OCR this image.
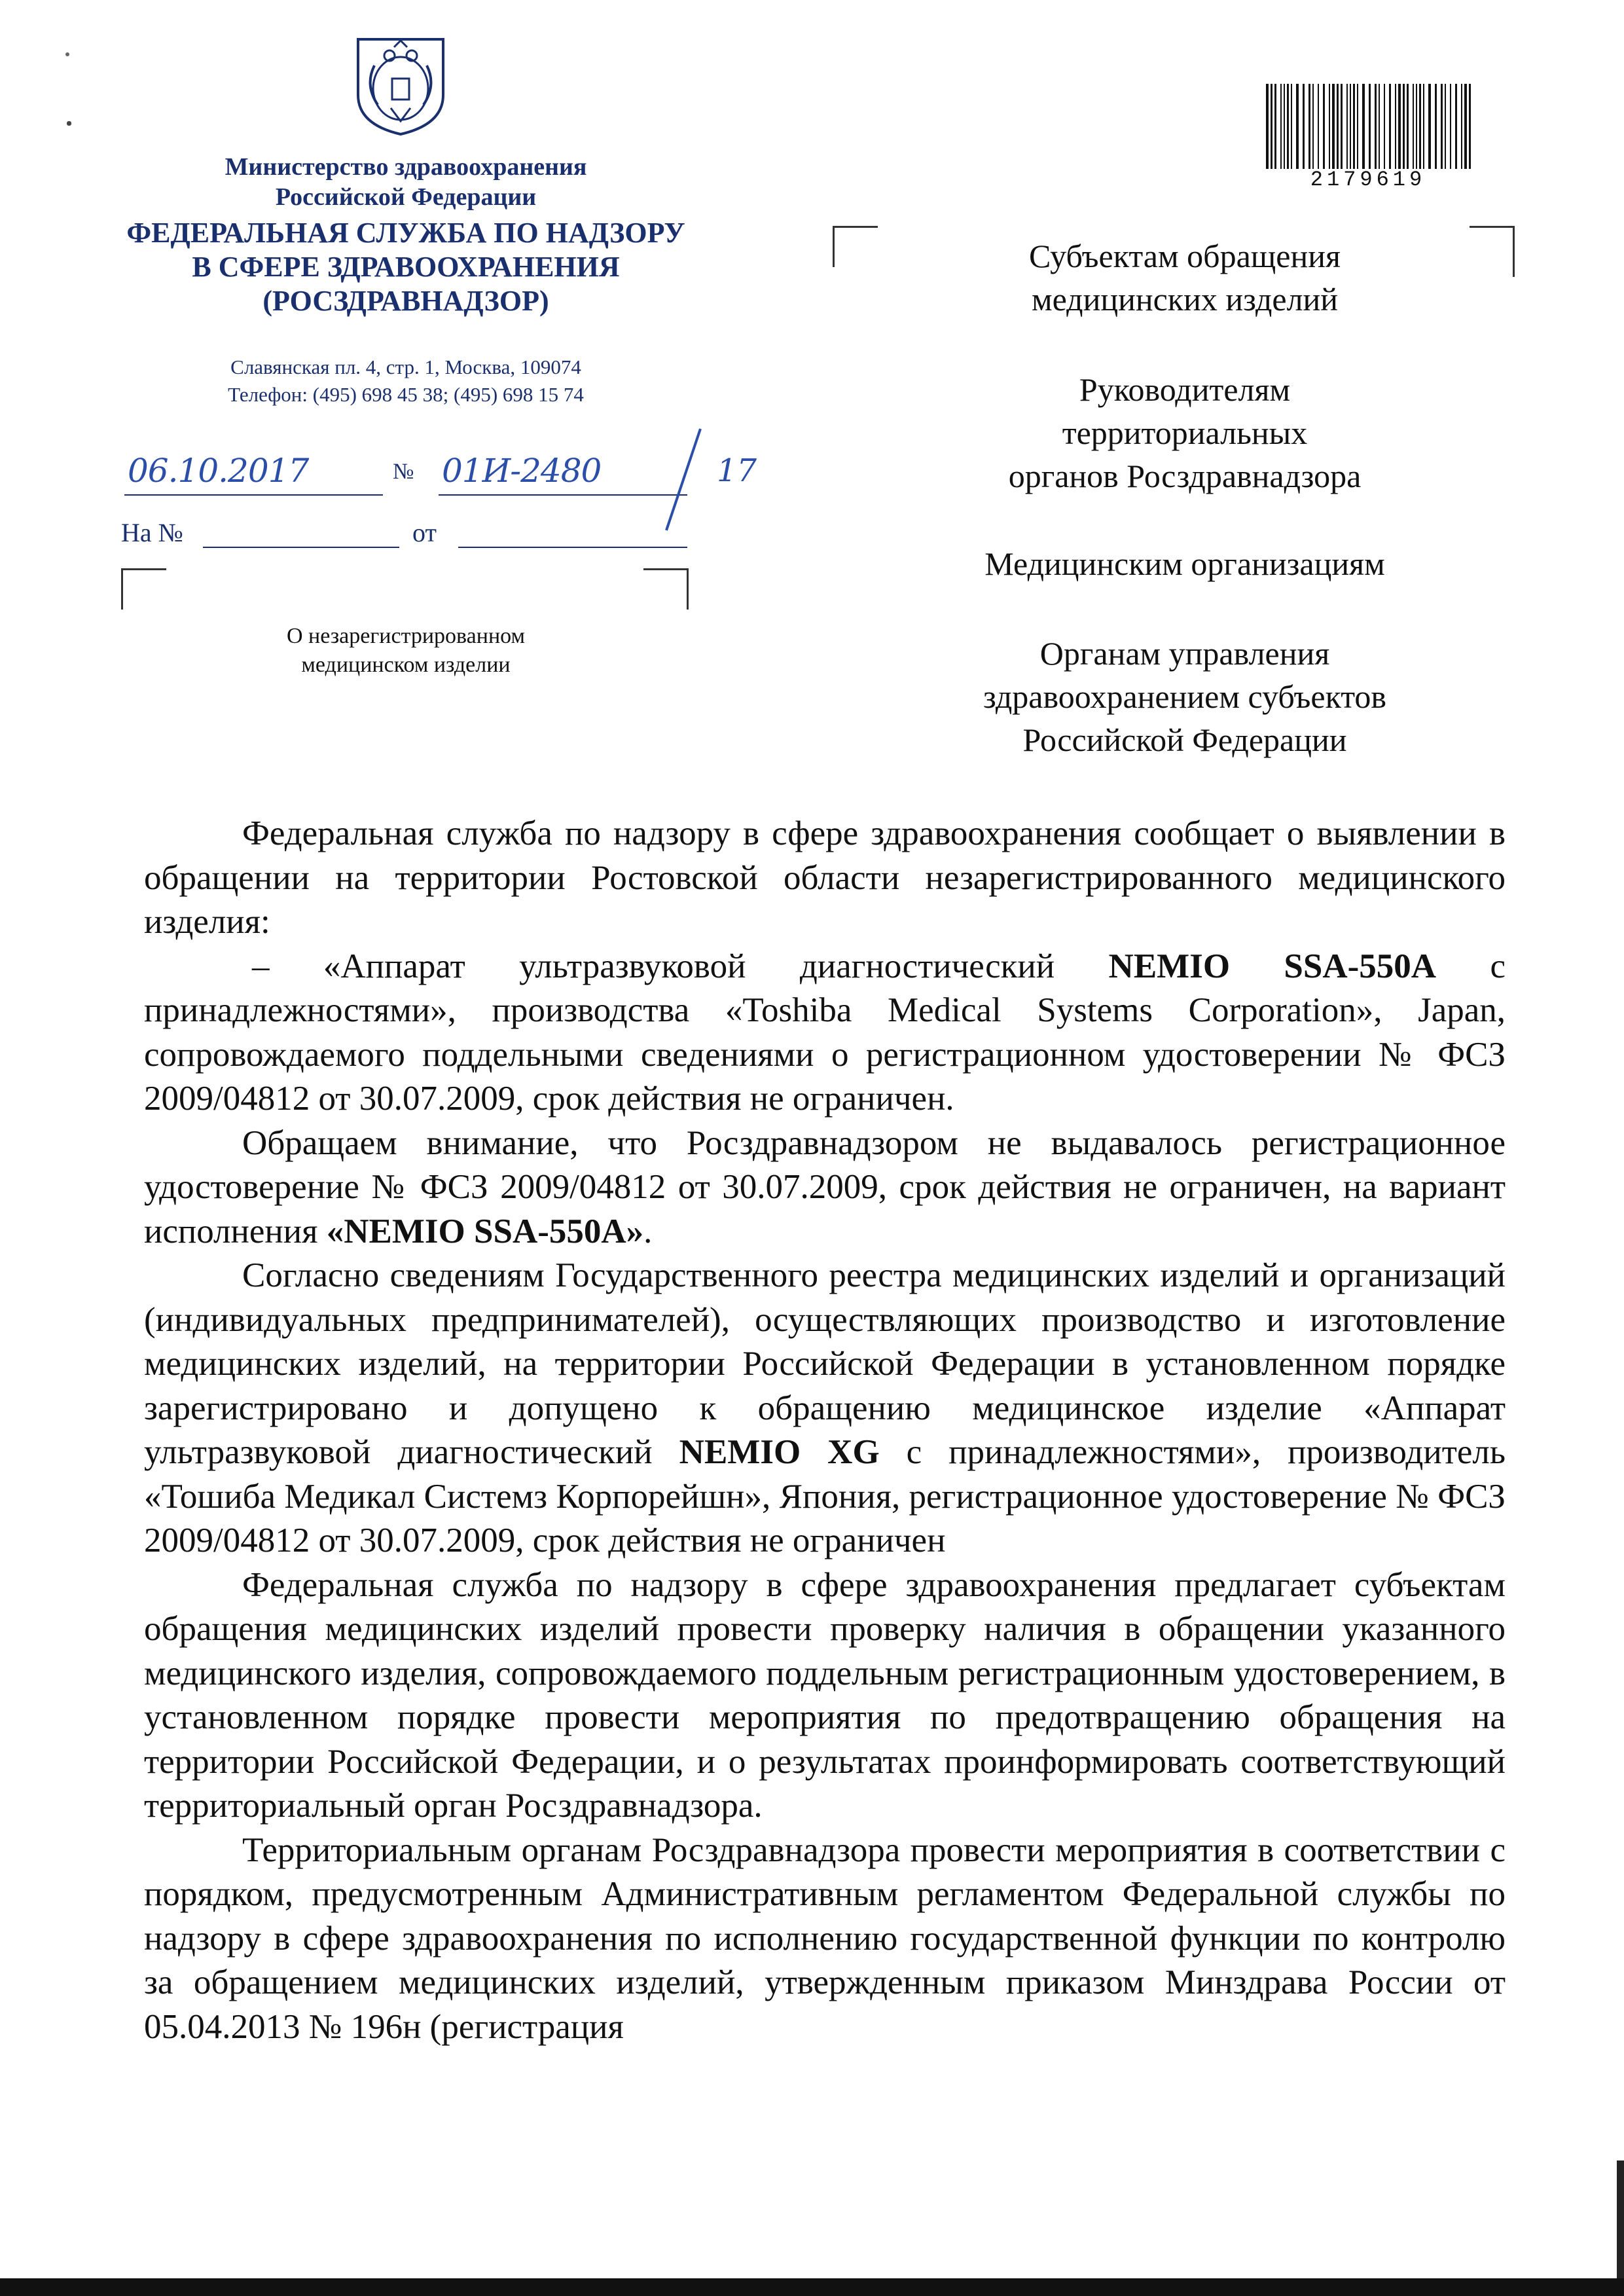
Министерство здравоохранения
Российской Федерации
ФЕДЕРАЛЬНАЯ СЛУЖБА ПО НАДЗОРУ
В СФЕРЕ ЗДРАВООХРАНЕНИЯ
(РОСЗДРАВНАДЗОР)
Славянская пл. 4, стр. 1, Москва, 109074
Телефон: (495) 698 45 38; (495) 698 15 74
2179619
06.10.2017	№ 01И-2480	17
На №	от
О незарегистрированном
медицинском изделии
Субъектам обращения
медицинских изделий
Руководителям
территориальных
органов Росздравнадзора
Медицинским организациям
Органам управления
здравоохранением субъектов
Российской Федерации

Федеральная служба по надзору в сфере здравоохранения сообщает о выявлении в обращении на территории Ростовской области незарегистрированного медицинского изделия:

– «Аппарат ультразвуковой диагностический NEMIO SSA-550A с принадлежностями», производства «Toshiba Medical Systems Corporation», Japan, сопровождаемого поддельными сведениями о регистрационном удостоверении № ФСЗ 2009/04812 от 30.07.2009, срок действия не ограничен.

Обращаем внимание, что Росздравнадзором не выдавалось регистрационное удостоверение № ФСЗ 2009/04812 от 30.07.2009, срок действия не ограничен, на вариант исполнения «NEMIO SSA-550A».

Согласно сведениям Государственного реестра медицинских изделий и организаций (индивидуальных предпринимателей), осуществляющих производство и изготовление медицинских изделий, на территории Российской Федерации в установленном порядке зарегистрировано и допущено к обращению медицинское изделие «Аппарат ультразвуковой диагностический NEMIO XG с принадлежностями», производитель «Тошиба Медикал Системз Корпорейшн», Япония, регистрационное удостоверение № ФСЗ 2009/04812 от 30.07.2009, срок действия не ограничен

Федеральная служба по надзору в сфере здравоохранения предлагает субъектам обращения медицинских изделий провести проверку наличия в обращении указанного медицинского изделия, сопровождаемого поддельным регистрационным удостоверением, в установленном порядке провести мероприятия по предотвращению обращения на территории Российской Федерации, и о результатах проинформировать соответствующий территориальный орган Росздравнадзора.

Территориальным органам Росздравнадзора провести мероприятия в соответствии с порядком, предусмотренным Административным регламентом Федеральной службы по надзору в сфере здравоохранения по исполнению государственной функции по контролю за обращением медицинских изделий, утвержденным приказом Минздрава России от 05.04.2013 № 196н (регистрация
